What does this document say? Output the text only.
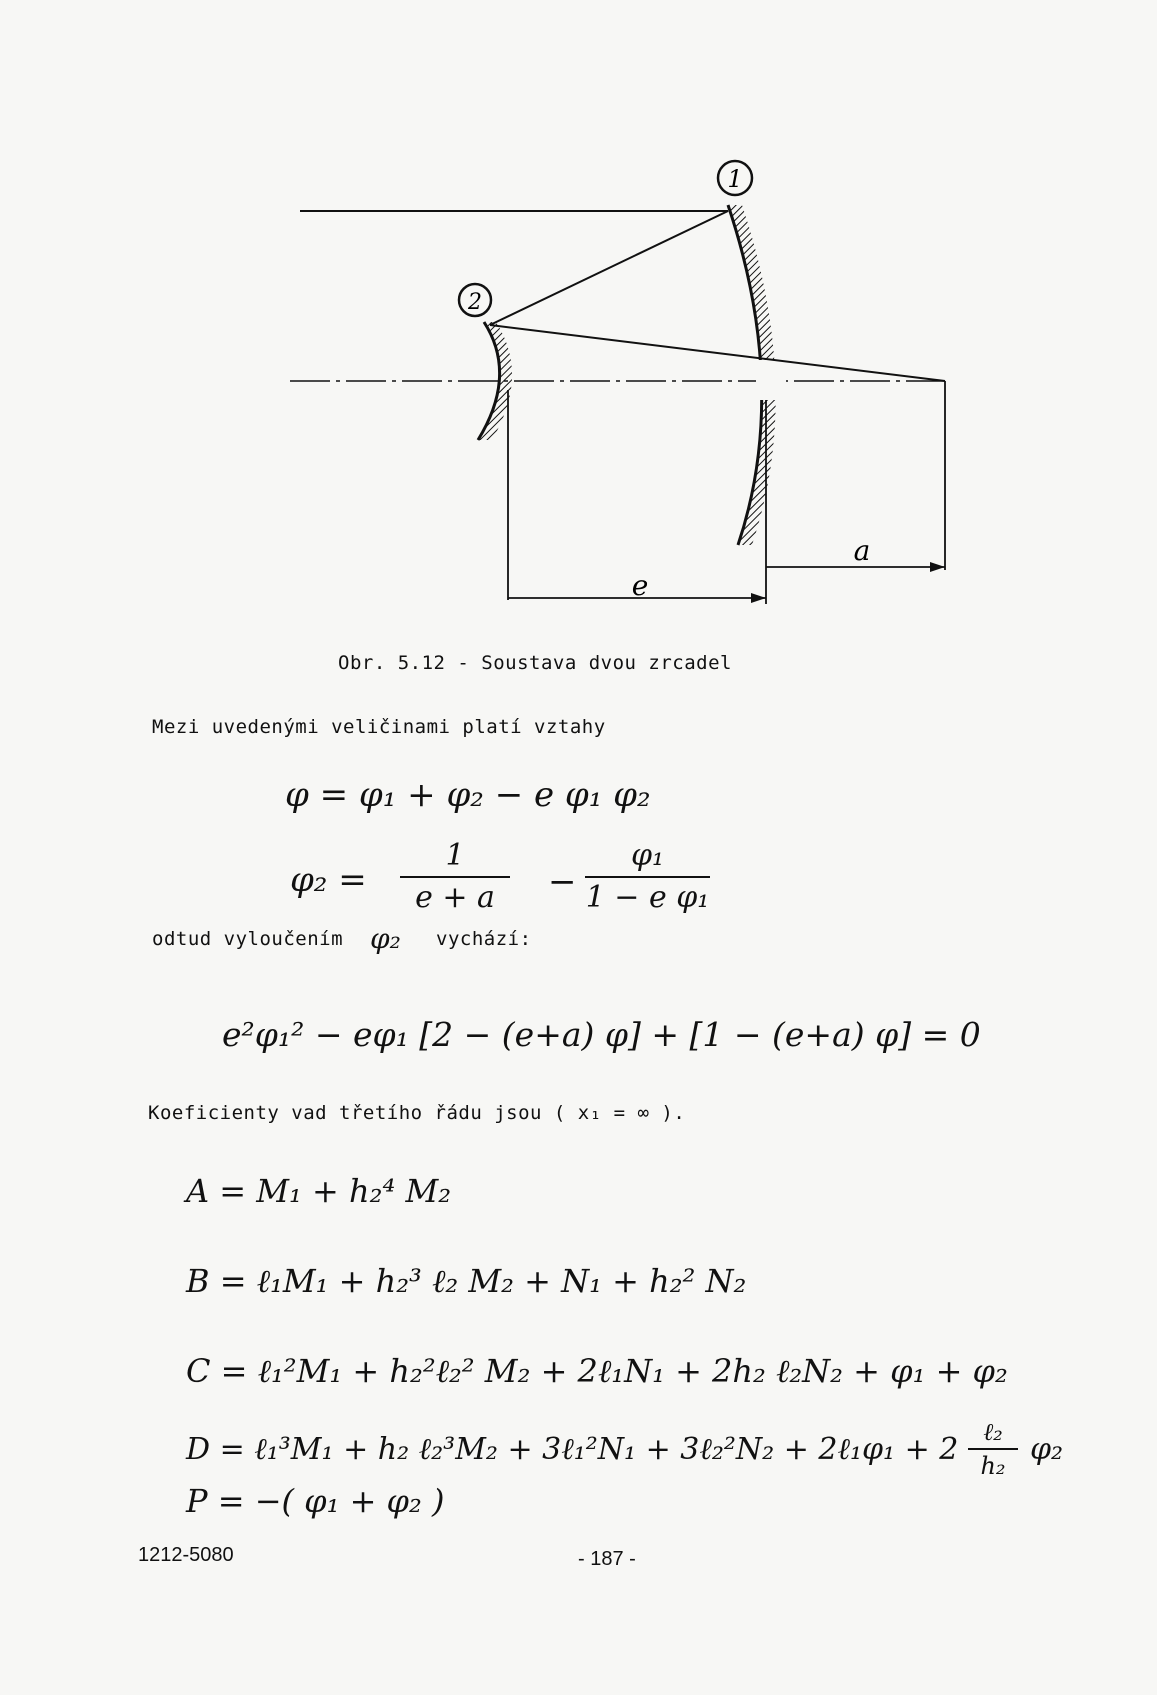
1
2
a
e
Obr. 5.12 - Soustava dvou zrcadel
Mezi uvedenými veličinami platí vztahy
φ = φ₁ + φ₂ − e φ₁ φ₂
φ₂ =
1
e + a	−
φ₁
1 − e φ₁
odtud vyloučením φ₂ vychází:
e²φ₁² − eφ₁ [2 − (e+a) φ] + [1 − (e+a) φ] = 0
Koeficienty vad třetího řádu jsou ( x₁ = ∞ ).
A = M₁ + h₂⁴ M₂
B = ℓ₁M₁ + h₂³ ℓ₂ M₂ + N₁ + h₂² N₂
C = ℓ₁²M₁ + h₂²ℓ₂² M₂ + 2ℓ₁N₁ + 2h₂ ℓ₂N₂ + φ₁ + φ₂
D = ℓ₁³M₁ + h₂ ℓ₂³M₂ + 3ℓ₁²N₁ + 3ℓ₂²N₂ + 2ℓ₁φ₁ + 2	ℓ₂
h₂ φ₂
P = −( φ₁ + φ₂ )
1212-5080	- 187 -
